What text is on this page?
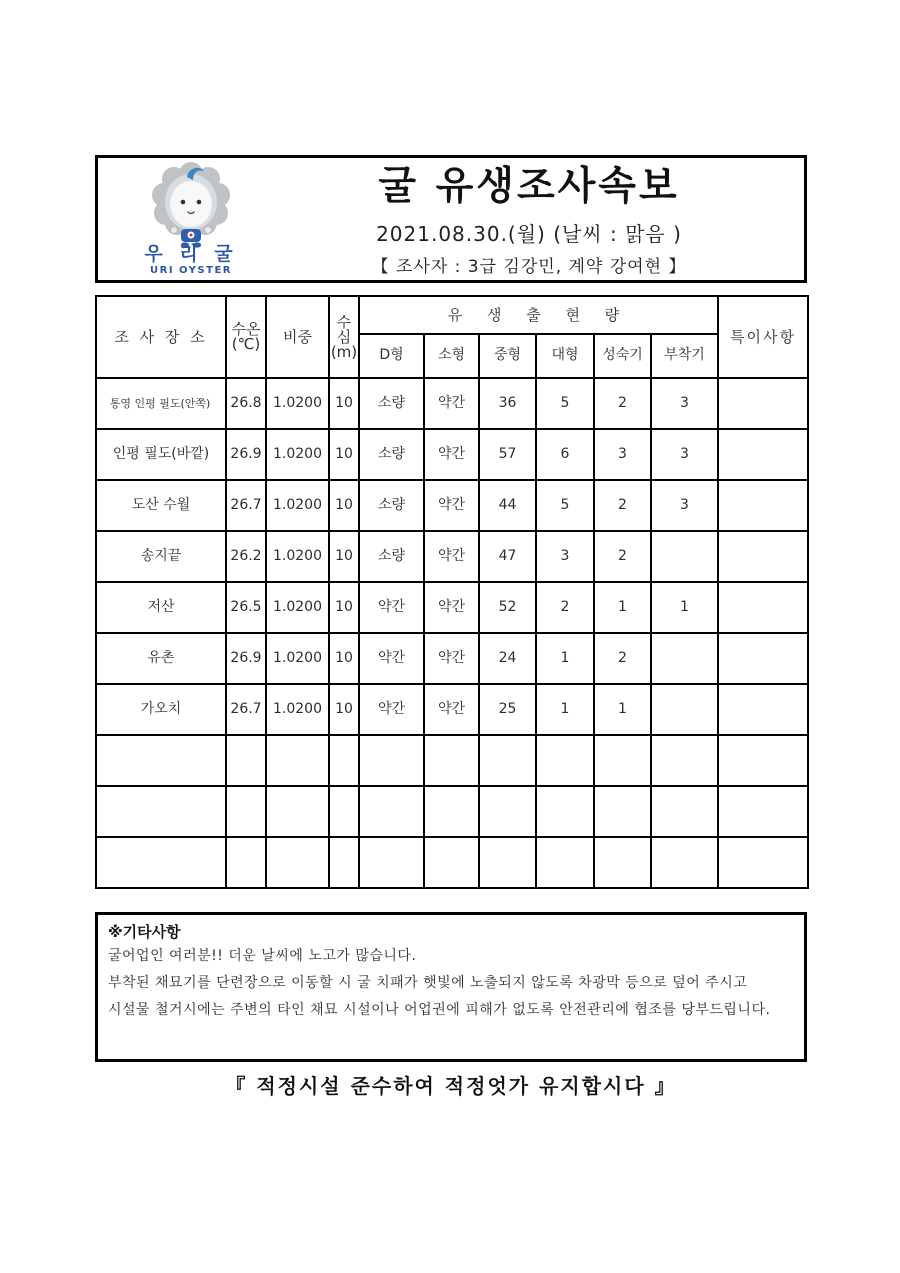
우 리 굴
URI OYSTER
굴 유생조사속보
2021.08.30.(월) (날씨 : 맑음 )
【 조사자 : 3급 김강민, 계약 강여현 】
조 사 장 소	수온
(℃)	비중	수
심
(m)	유 생 출 현 량						특이사항
				D형	소형	중형	대형	성숙기	부착기	
통영 인평 필도(안쪽)	26.8	1.0200	10	소량	약간	36	5	2	3	
인평 필도(바깥)	26.9	1.0200	10	소량	약간	57	6	3	3	
도산 수월	26.7	1.0200	10	소량	약간	44	5	2	3	
송지끝	26.2	1.0200	10	소량	약간	47	3	2		
저산	26.5	1.0200	10	약간	약간	52	2	1	1	
유촌	26.9	1.0200	10	약간	약간	24	1	2		
가오치	26.7	1.0200	10	약간	약간	25	1	1		

※기타사항
굴어업인 여러분!! 더운 날씨에 노고가 많습니다.
부착된 채묘기를 단련장으로 이동할 시 굴 치패가 햇빛에 노출되지 않도록 차광막 등으로 덮어 주시고
시설물 철거시에는 주변의 타인 채묘 시설이나 어업권에 피해가 없도록 안전관리에 협조를 당부드립니다.
『 적정시설 준수하여 적정엇가 유지합시다 』
